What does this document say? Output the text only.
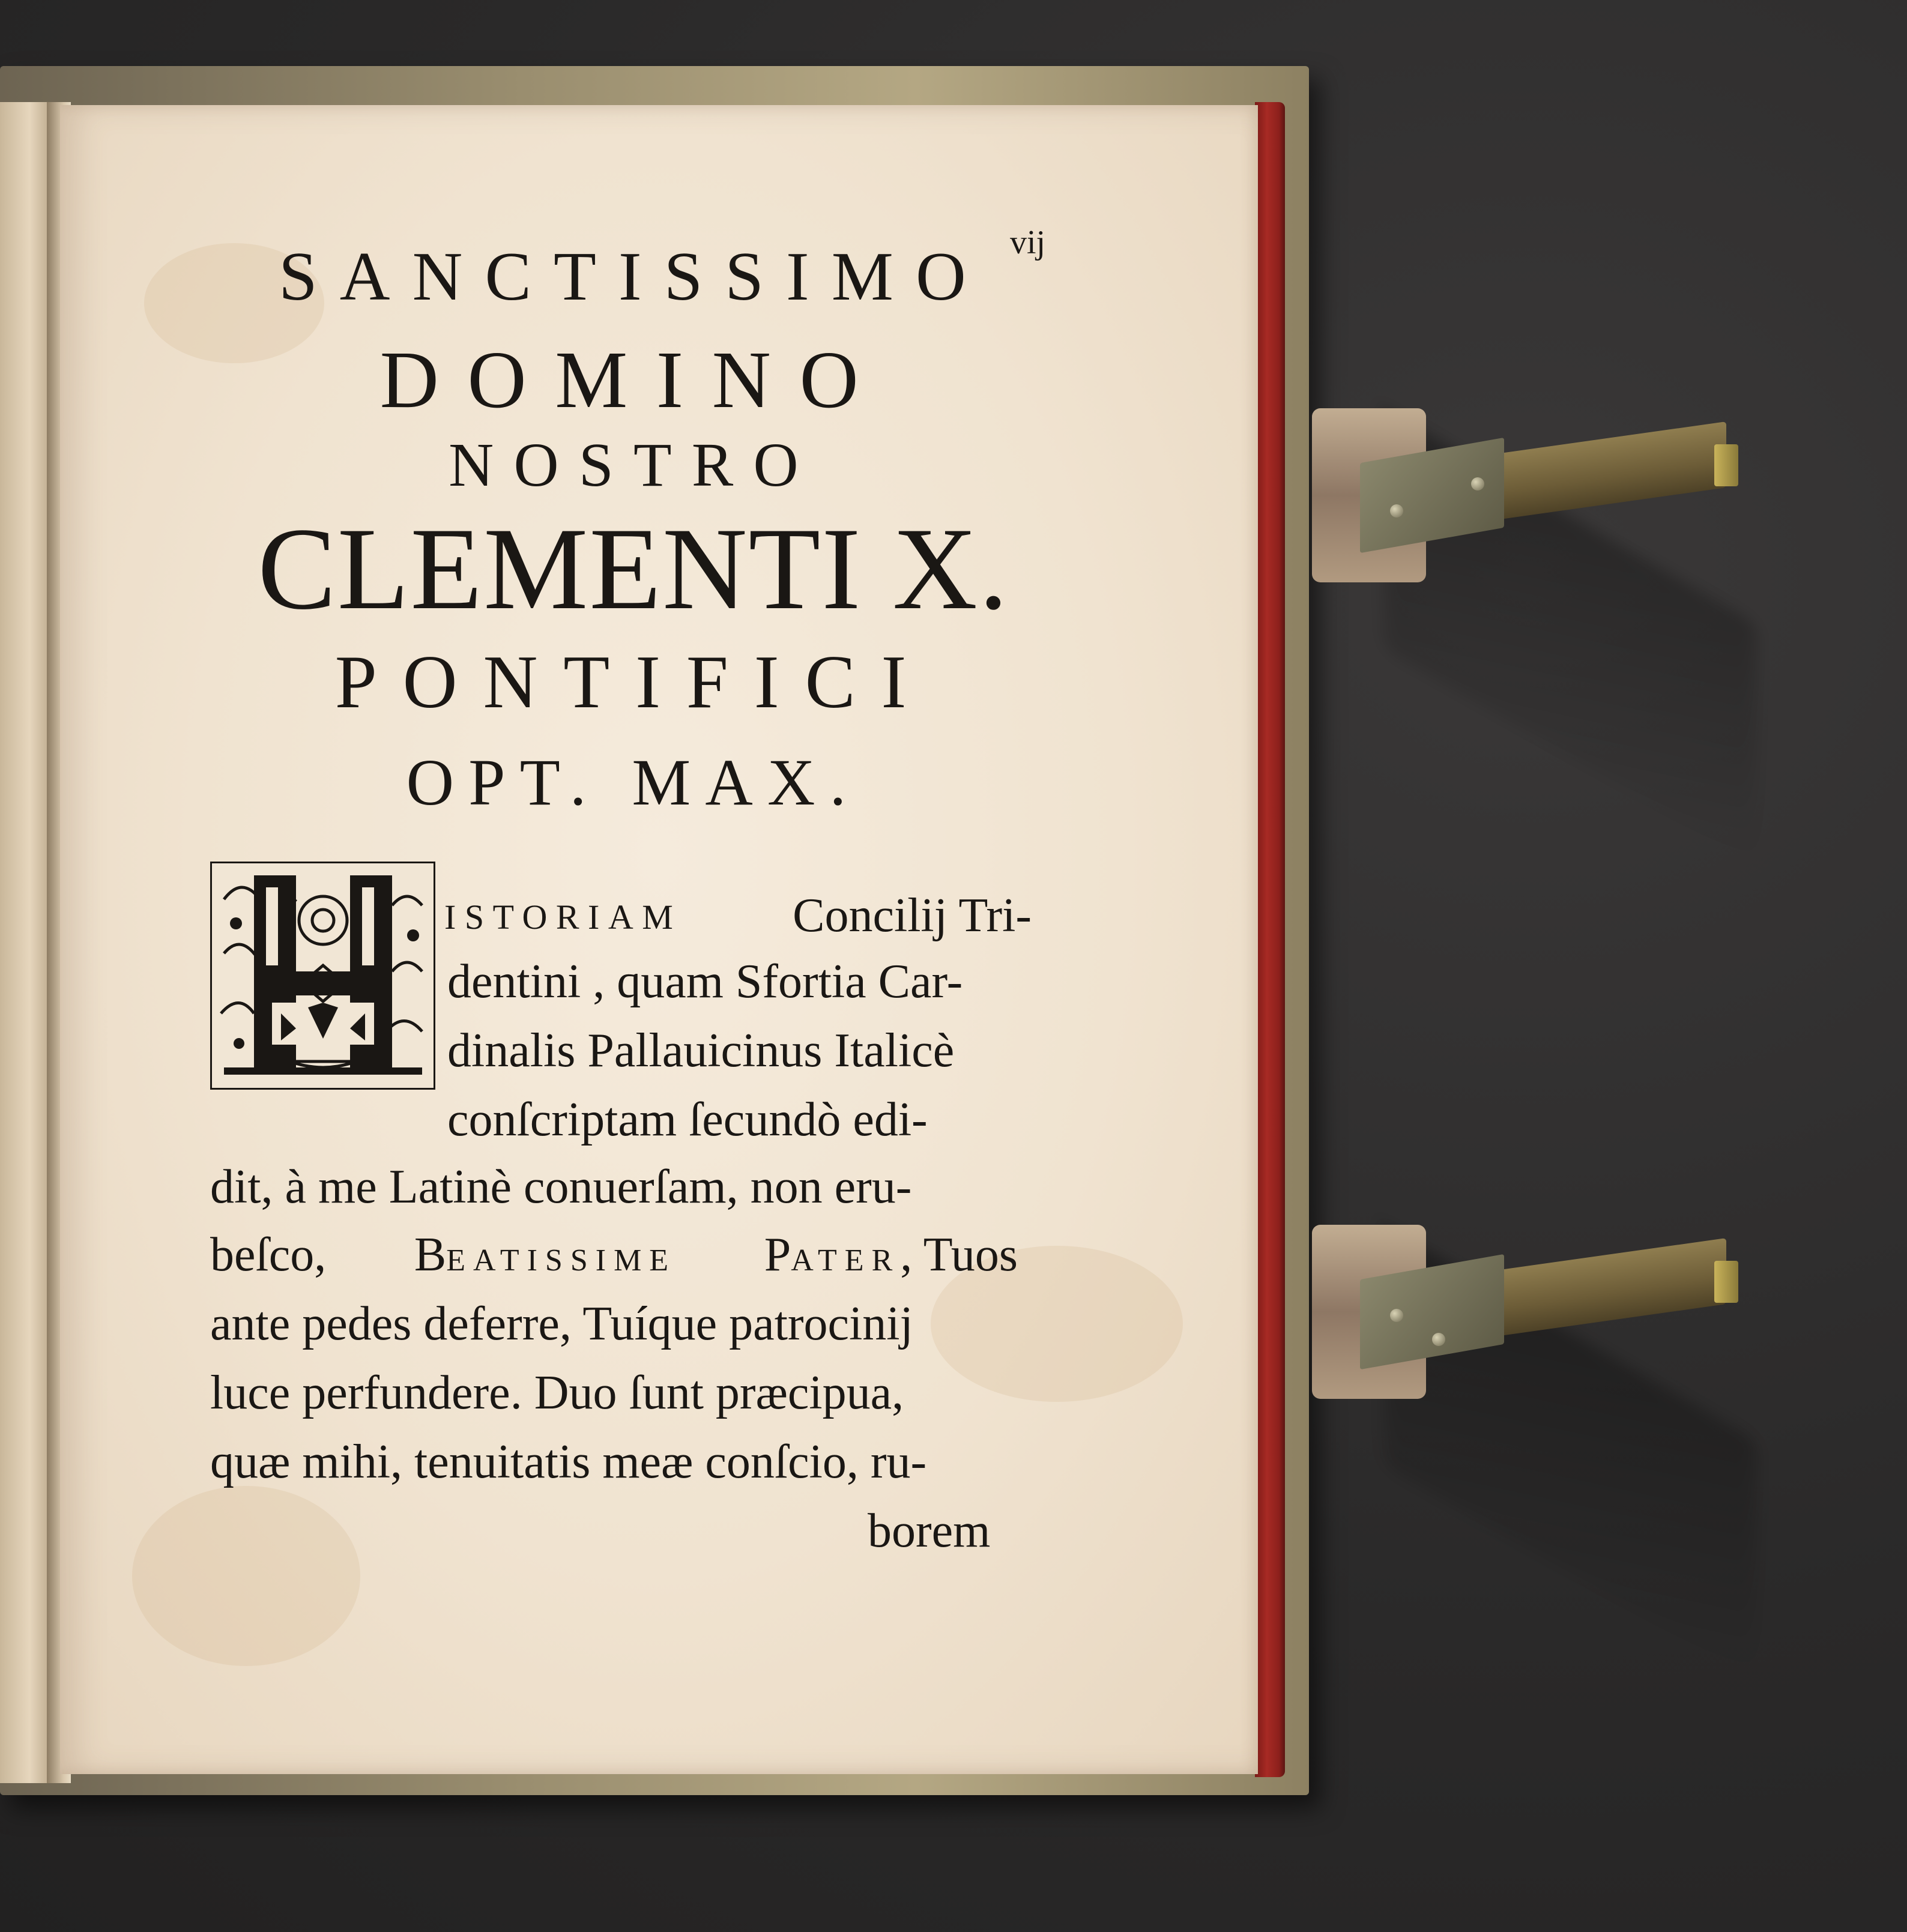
vij
SANCTISSIMO
DOMINO
NOSTRO
CLEMENTI X.
PONTIFICI
OPT. MAX.
H
ISTORIAM Concilij Tri-
dentini , quam Sfortia Car-
dinalis Pallauicinus Italicè
conſcriptam ſecundò edi-
dit, à me Latinè conuerſam, non eru-
beſco, BEATISSIME PATER, Tuos
ante pedes deferre, Tuíque patrocinij
luce perfundere. Duo ſunt præcipua,
quæ mihi, tenuitatis meæ conſcio, ru-
borem
